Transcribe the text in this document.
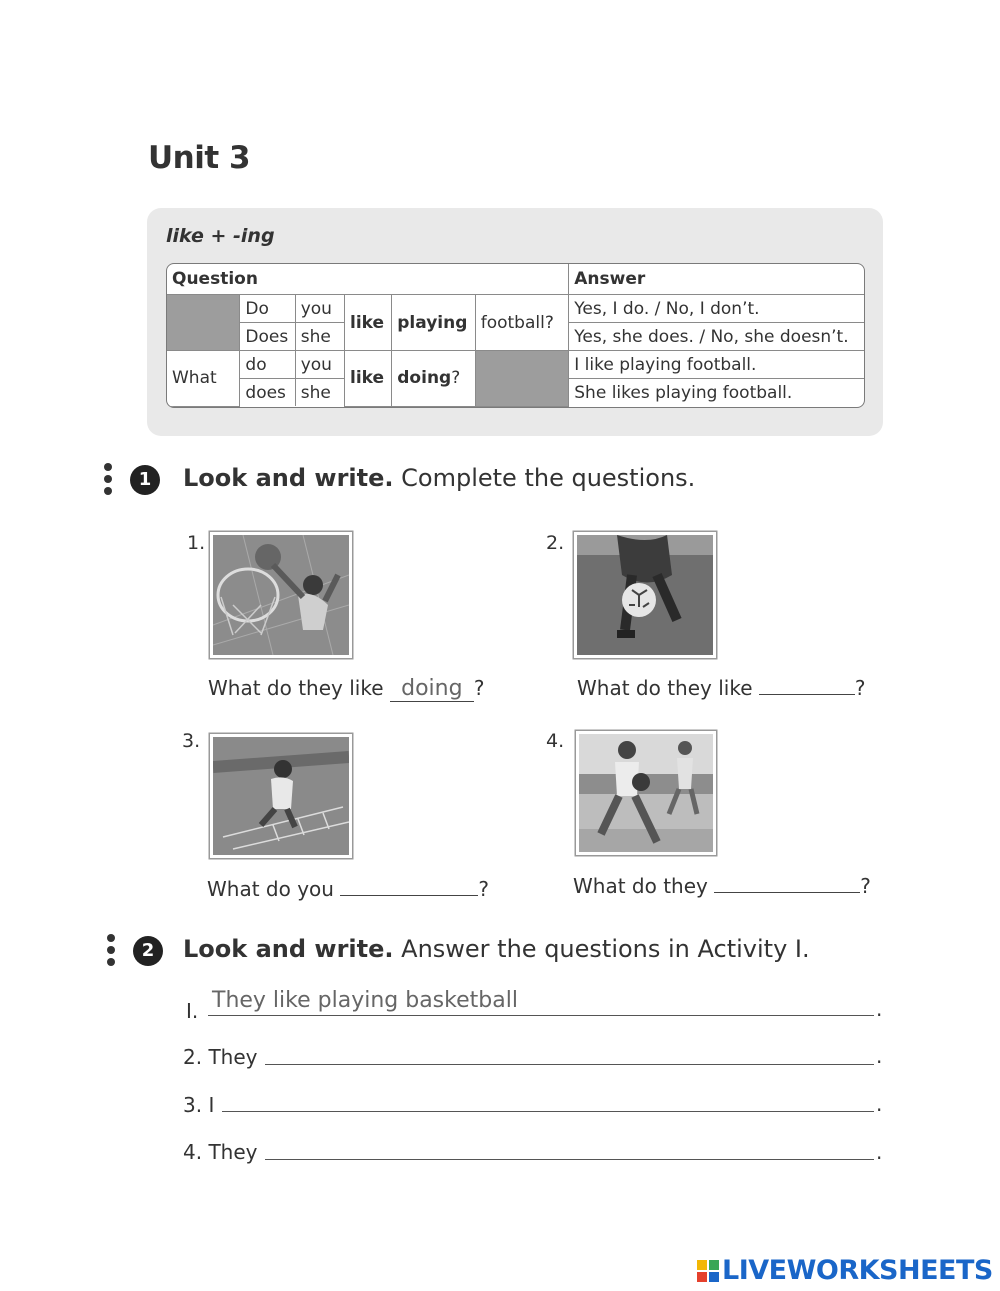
Unit 3
like + -ing
Question						Answer
	Do	you	like	playing	football?	Yes, I do. / No, I don’t.
	Does	she				Yes, she does. / No, she doesn’t.
What	do	you	like	doing?		I like playing football.
	does	she				She likes playing football.
1	Look and write. Complete the questions.
1.
What do they like doing ?
2.
What do they like	?
3.
What do you	?
4.
What do they	?
2	Look and write. Answer the questions in Activity I.
I. They like playing basketball	.
2. They	.
3. I	.
4. They	.
LIVEWORKSHEETS
